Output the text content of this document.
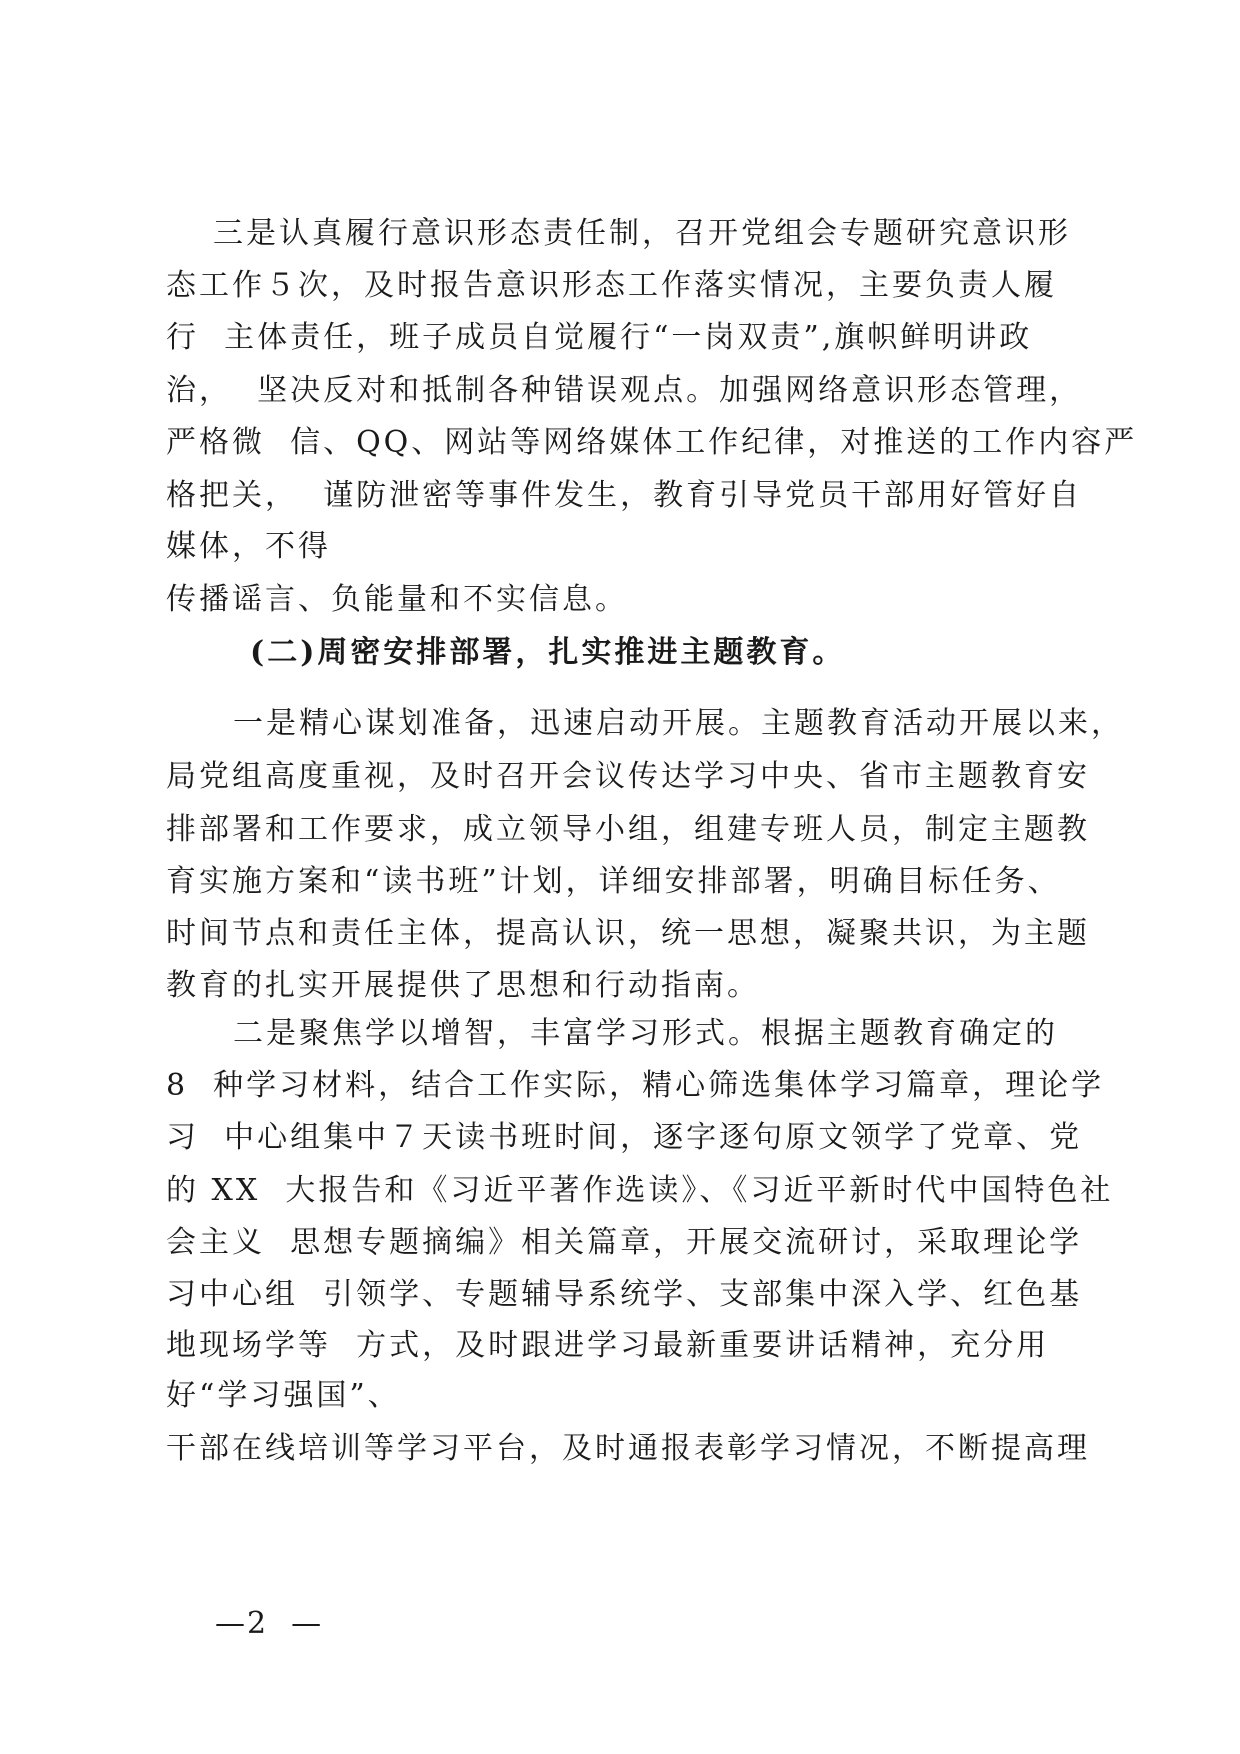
三是认真履行意识形态责任制，召开党组会专题研究意识形
态工作５次，及时报告意识形态工作落实情况，主要负责人履
行  主体责任，班子成员自觉履行“一岗双责”,旗帜鲜明讲政
治，  坚决反对和抵制各种错误观点。加强网络意识形态管理，
严格微  信、QQ、网站等网络媒体工作纪律，对推送的工作内容严
格把关，  谨防泄密等事件发生，教育引导党员干部用好管好自
媒体，不得
传播谣言、负能量和不实信息。
(二)周密安排部署，扎实推进主题教育。
一是精心谋划准备，迅速启动开展。主题教育活动开展以来，
局党组高度重视，及时召开会议传达学习中央、省市主题教育安
排部署和工作要求，成立领导小组，组建专班人员，制定主题教
育实施方案和“读书班”计划，详细安排部署，明确目标任务、
时间节点和责任主体，提高认识，统一思想，凝聚共识，为主题
教育的扎实开展提供了思想和行动指南。
二是聚焦学以增智，丰富学习形式。根据主题教育确定的
8  种学习材料，结合工作实际，精心筛选集体学习篇章，理论学
习  中心组集中７天读书班时间，逐字逐句原文领学了党章、党
的 XX  大报告和《习近平著作选读》、《习近平新时代中国特色社
会主义  思想专题摘编》相关篇章，开展交流研讨，采取理论学
习中心组  引领学、专题辅导系统学、支部集中深入学、红色基
地现场学等  方式，及时跟进学习最新重要讲话精神，充分用
好“学习强国”、
干部在线培训等学习平台，及时通报表彰学习情况，不断提高理
—2  —
